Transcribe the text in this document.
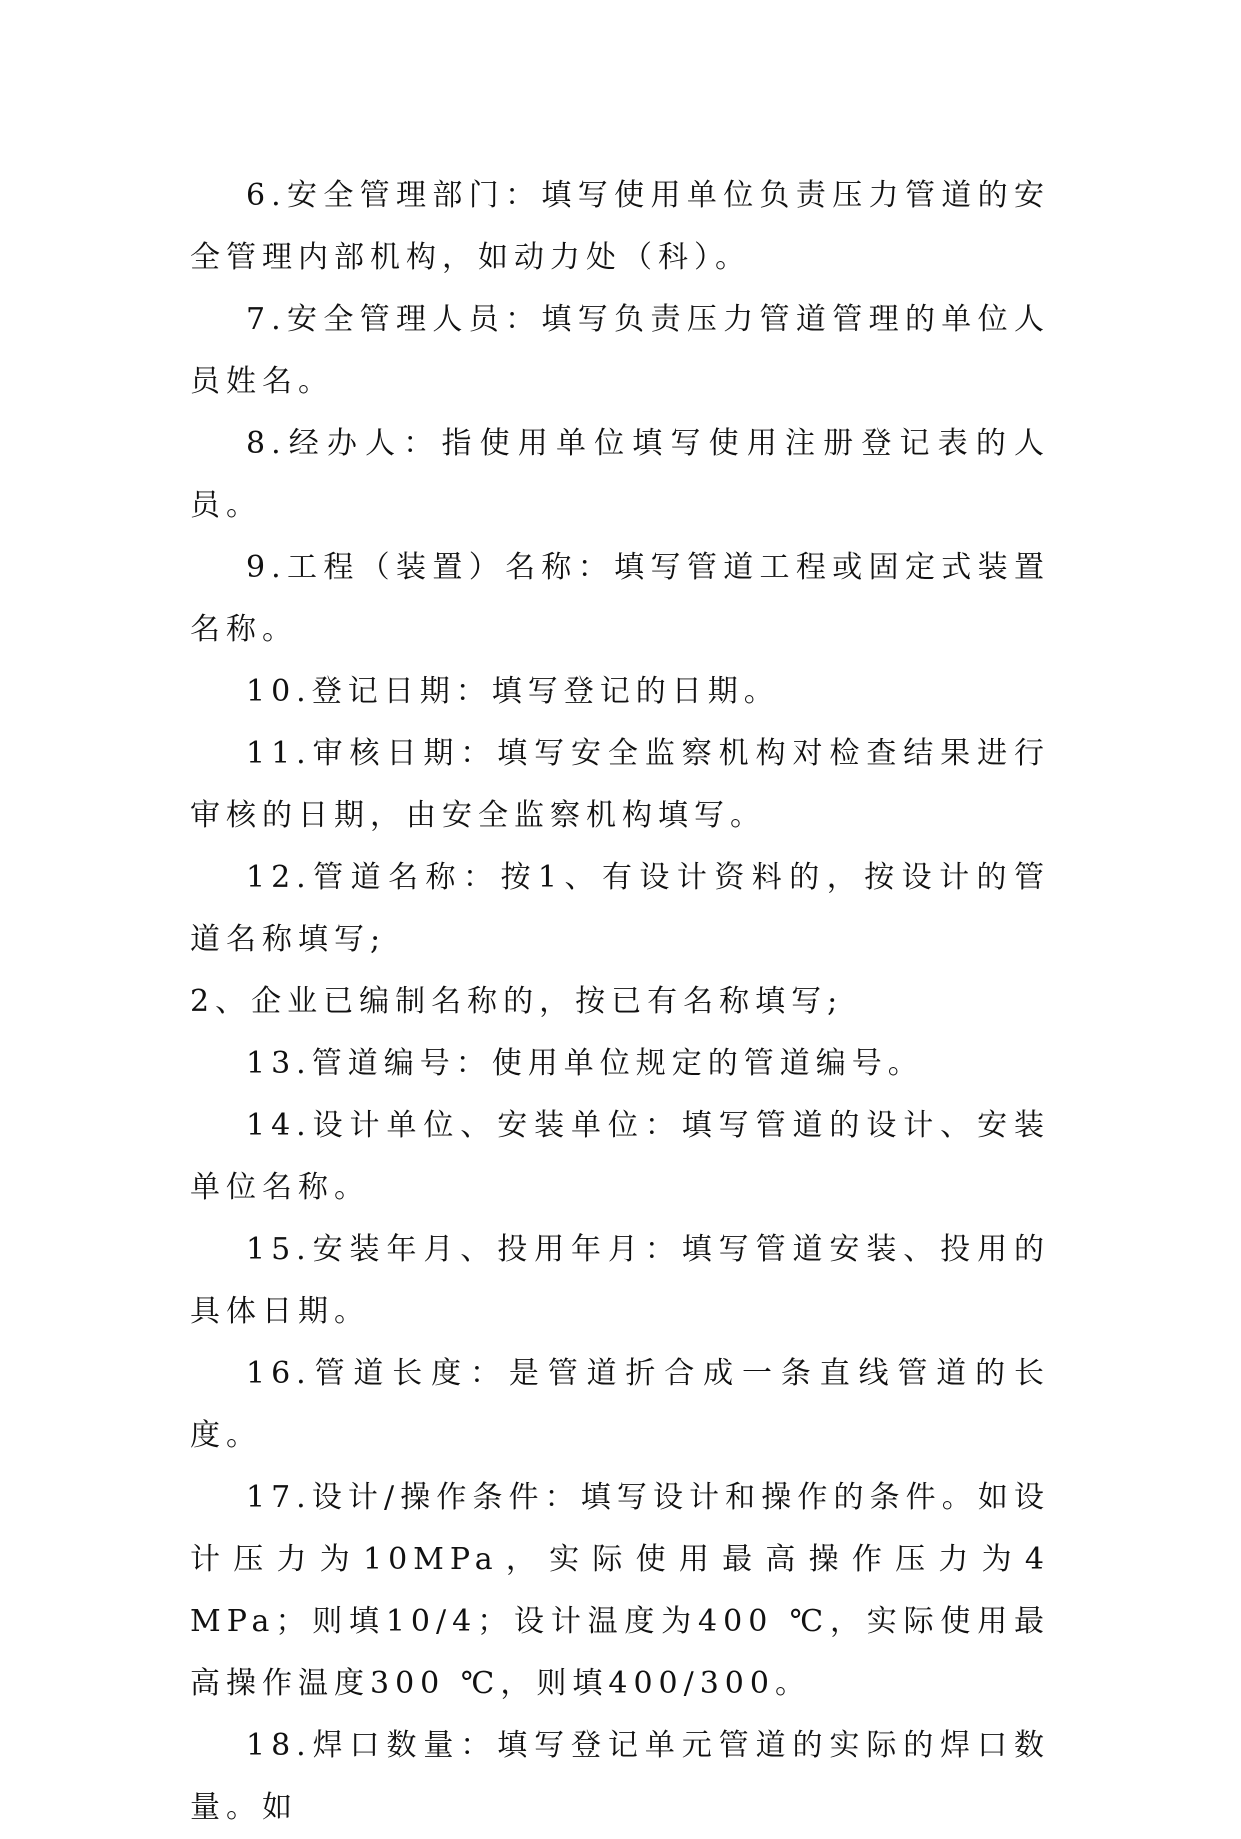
6.安全管理部门：填写使用单位负责压力管道的安全管理内部机构，如动力处（科）。

7.安全管理人员：填写负责压力管道管理的单位人员姓名。

8.经办人：指使用单位填写使用注册登记表的人员。

9.工程（装置）名称：填写管道工程或固定式装置名称。

10.登记日期：填写登记的日期。

11.审核日期：填写安全监察机构对检查结果进行审核的日期，由安全监察机构填写。

12.管道名称：按1、有设计资料的，按设计的管道名称填写;

2、企业已编制名称的，按已有名称填写;

13.管道编号：使用单位规定的管道编号。

14.设计单位、安装单位：填写管道的设计、安装单位名称。

15.安装年月、投用年月：填写管道安装、投用的具体日期。

16.管道长度：是管道折合成一条直线管道的长度。

17.设计/操作条件：填写设计和操作的条件。如设计压力为10MPa，实际使用最高操作压力为4 MPa；则填10/4；设计温度为400 ℃，实际使用最高操作温度300 ℃，则填400/300。

18.焊口数量：填写登记单元管道的实际的焊口数量。如
